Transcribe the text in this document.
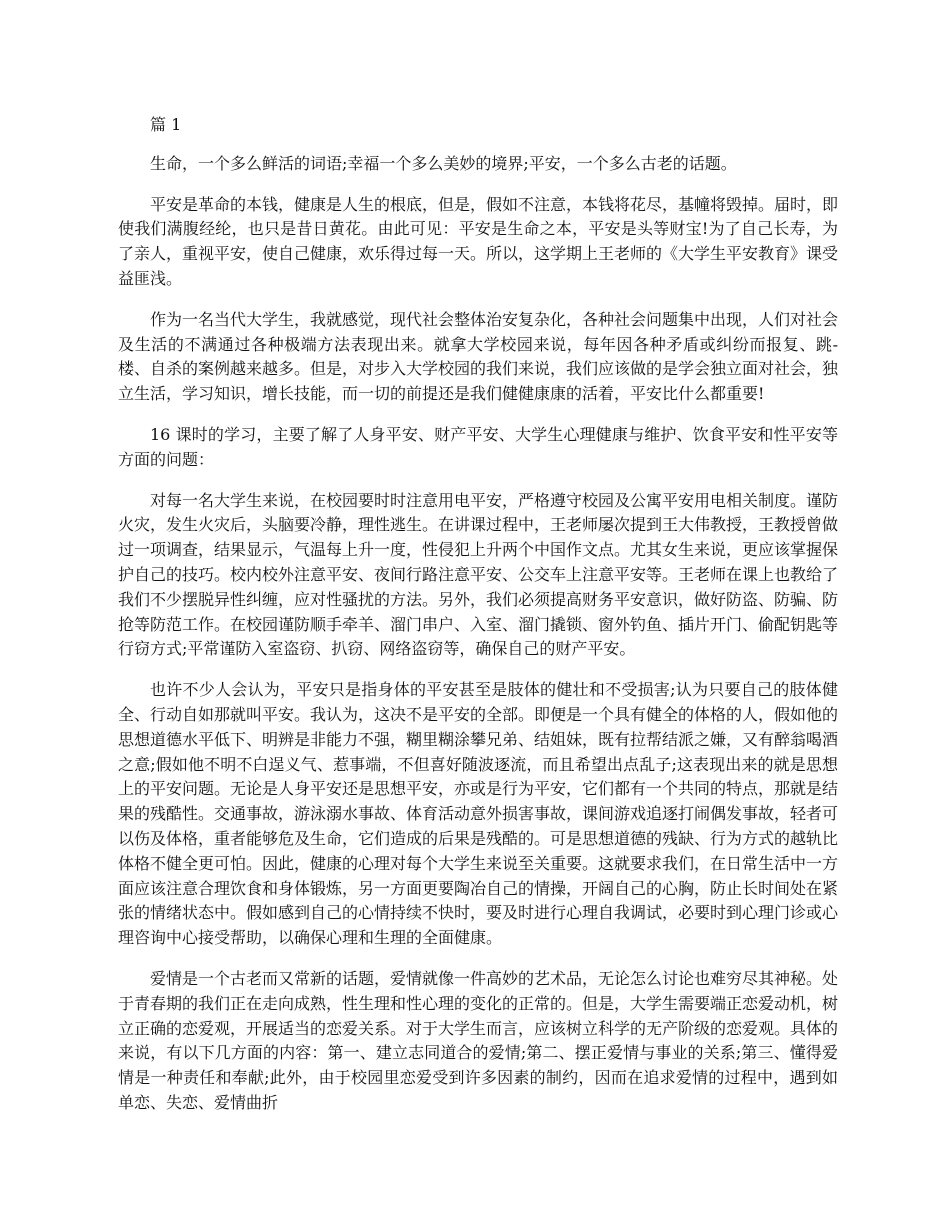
篇 1

生命，一个多么鲜活的词语;幸福一个多么美妙的境界;平安，一个多么古老的话题。

平安是革命的本钱，健康是人生的根底，但是，假如不注意，本钱将花尽，基幢将毁掉。届时，即使我们满腹经纶，也只是昔日黄花。由此可见：平安是生命之本，平安是头等财宝!为了自己长寿，为了亲人，重视平安，使自己健康，欢乐得过每一天。所以，这学期上王老师的《大学生平安教育》课受益匪浅。

作为一名当代大学生，我就感觉，现代社会整体治安复杂化，各种社会问题集中出现，人们对社会及生活的不满通过各种极端方法表现出来。就拿大学校园来说，每年因各种矛盾或纠纷而报复、跳-楼、自杀的案例越来越多。但是，对步入大学校园的我们来说，我们应该做的是学会独立面对社会，独立生活，学习知识，增长技能，而一切的前提还是我们健健康康的活着，平安比什么都重要!

16 课时的学习，主要了解了人身平安、财产平安、大学生心理健康与维护、饮食平安和性平安等方面的问题：

对每一名大学生来说，在校园要时时注意用电平安，严格遵守校园及公寓平安用电相关制度。谨防火灾，发生火灾后，头脑要冷静，理性逃生。在讲课过程中，王老师屡次提到王大伟教授，王教授曾做过一项调查，结果显示，气温每上升一度，性侵犯上升两个中国作文点。尤其女生来说，更应该掌握保护自己的技巧。校内校外注意平安、夜间行路注意平安、公交车上注意平安等。王老师在课上也教给了我们不少摆脱异性纠缠，应对性骚扰的方法。另外，我们必须提高财务平安意识，做好防盗、防骗、防抢等防范工作。在校园谨防顺手牵羊、溜门串户、入室、溜门撬锁、窗外钓鱼、插片开门、偷配钥匙等行窃方式;平常谨防入室盗窃、扒窃、网络盗窃等，确保自己的财产平安。

也许不少人会认为，平安只是指身体的平安甚至是肢体的健壮和不受损害;认为只要自己的肢体健全、行动自如那就叫平安。我认为，这决不是平安的全部。即便是一个具有健全的体格的人，假如他的思想道德水平低下、明辨是非能力不强，糊里糊涂攀兄弟、结姐妹，既有拉帮结派之嫌，又有醉翁喝酒之意;假如他不明不白逞义气、惹事端，不但喜好随波逐流，而且希望出点乱子;这表现出来的就是思想上的平安问题。无论是人身平安还是思想平安，亦或是行为平安，它们都有一个共同的特点，那就是结果的残酷性。交通事故，游泳溺水事故、体育活动意外损害事故，课间游戏追逐打闹偶发事故，轻者可以伤及体格，重者能够危及生命，它们造成的后果是残酷的。可是思想道德的残缺、行为方式的越轨比体格不健全更可怕。因此，健康的心理对每个大学生来说至关重要。这就要求我们，在日常生活中一方面应该注意合理饮食和身体锻炼，另一方面更要陶冶自己的情操，开阔自己的心胸，防止长时间处在紧张的情绪状态中。假如感到自己的心情持续不快时，要及时进行心理自我调试，必要时到心理门诊或心理咨询中心接受帮助，以确保心理和生理的全面健康。

爱情是一个古老而又常新的话题，爱情就像一件高妙的艺术品，无论怎么讨论也难穷尽其神秘。处于青春期的我们正在走向成熟，性生理和性心理的变化的正常的。但是，大学生需要端正恋爱动机，树立正确的恋爱观，开展适当的恋爱关系。对于大学生而言，应该树立科学的无产阶级的恋爱观。具体的来说，有以下几方面的内容：第一、建立志同道合的爱情;第二、摆正爱情与事业的关系;第三、懂得爱情是一种责任和奉献;此外，由于校园里恋爱受到许多因素的制约，因而在追求爱情的过程中，遇到如单恋、失恋、爱情曲折
